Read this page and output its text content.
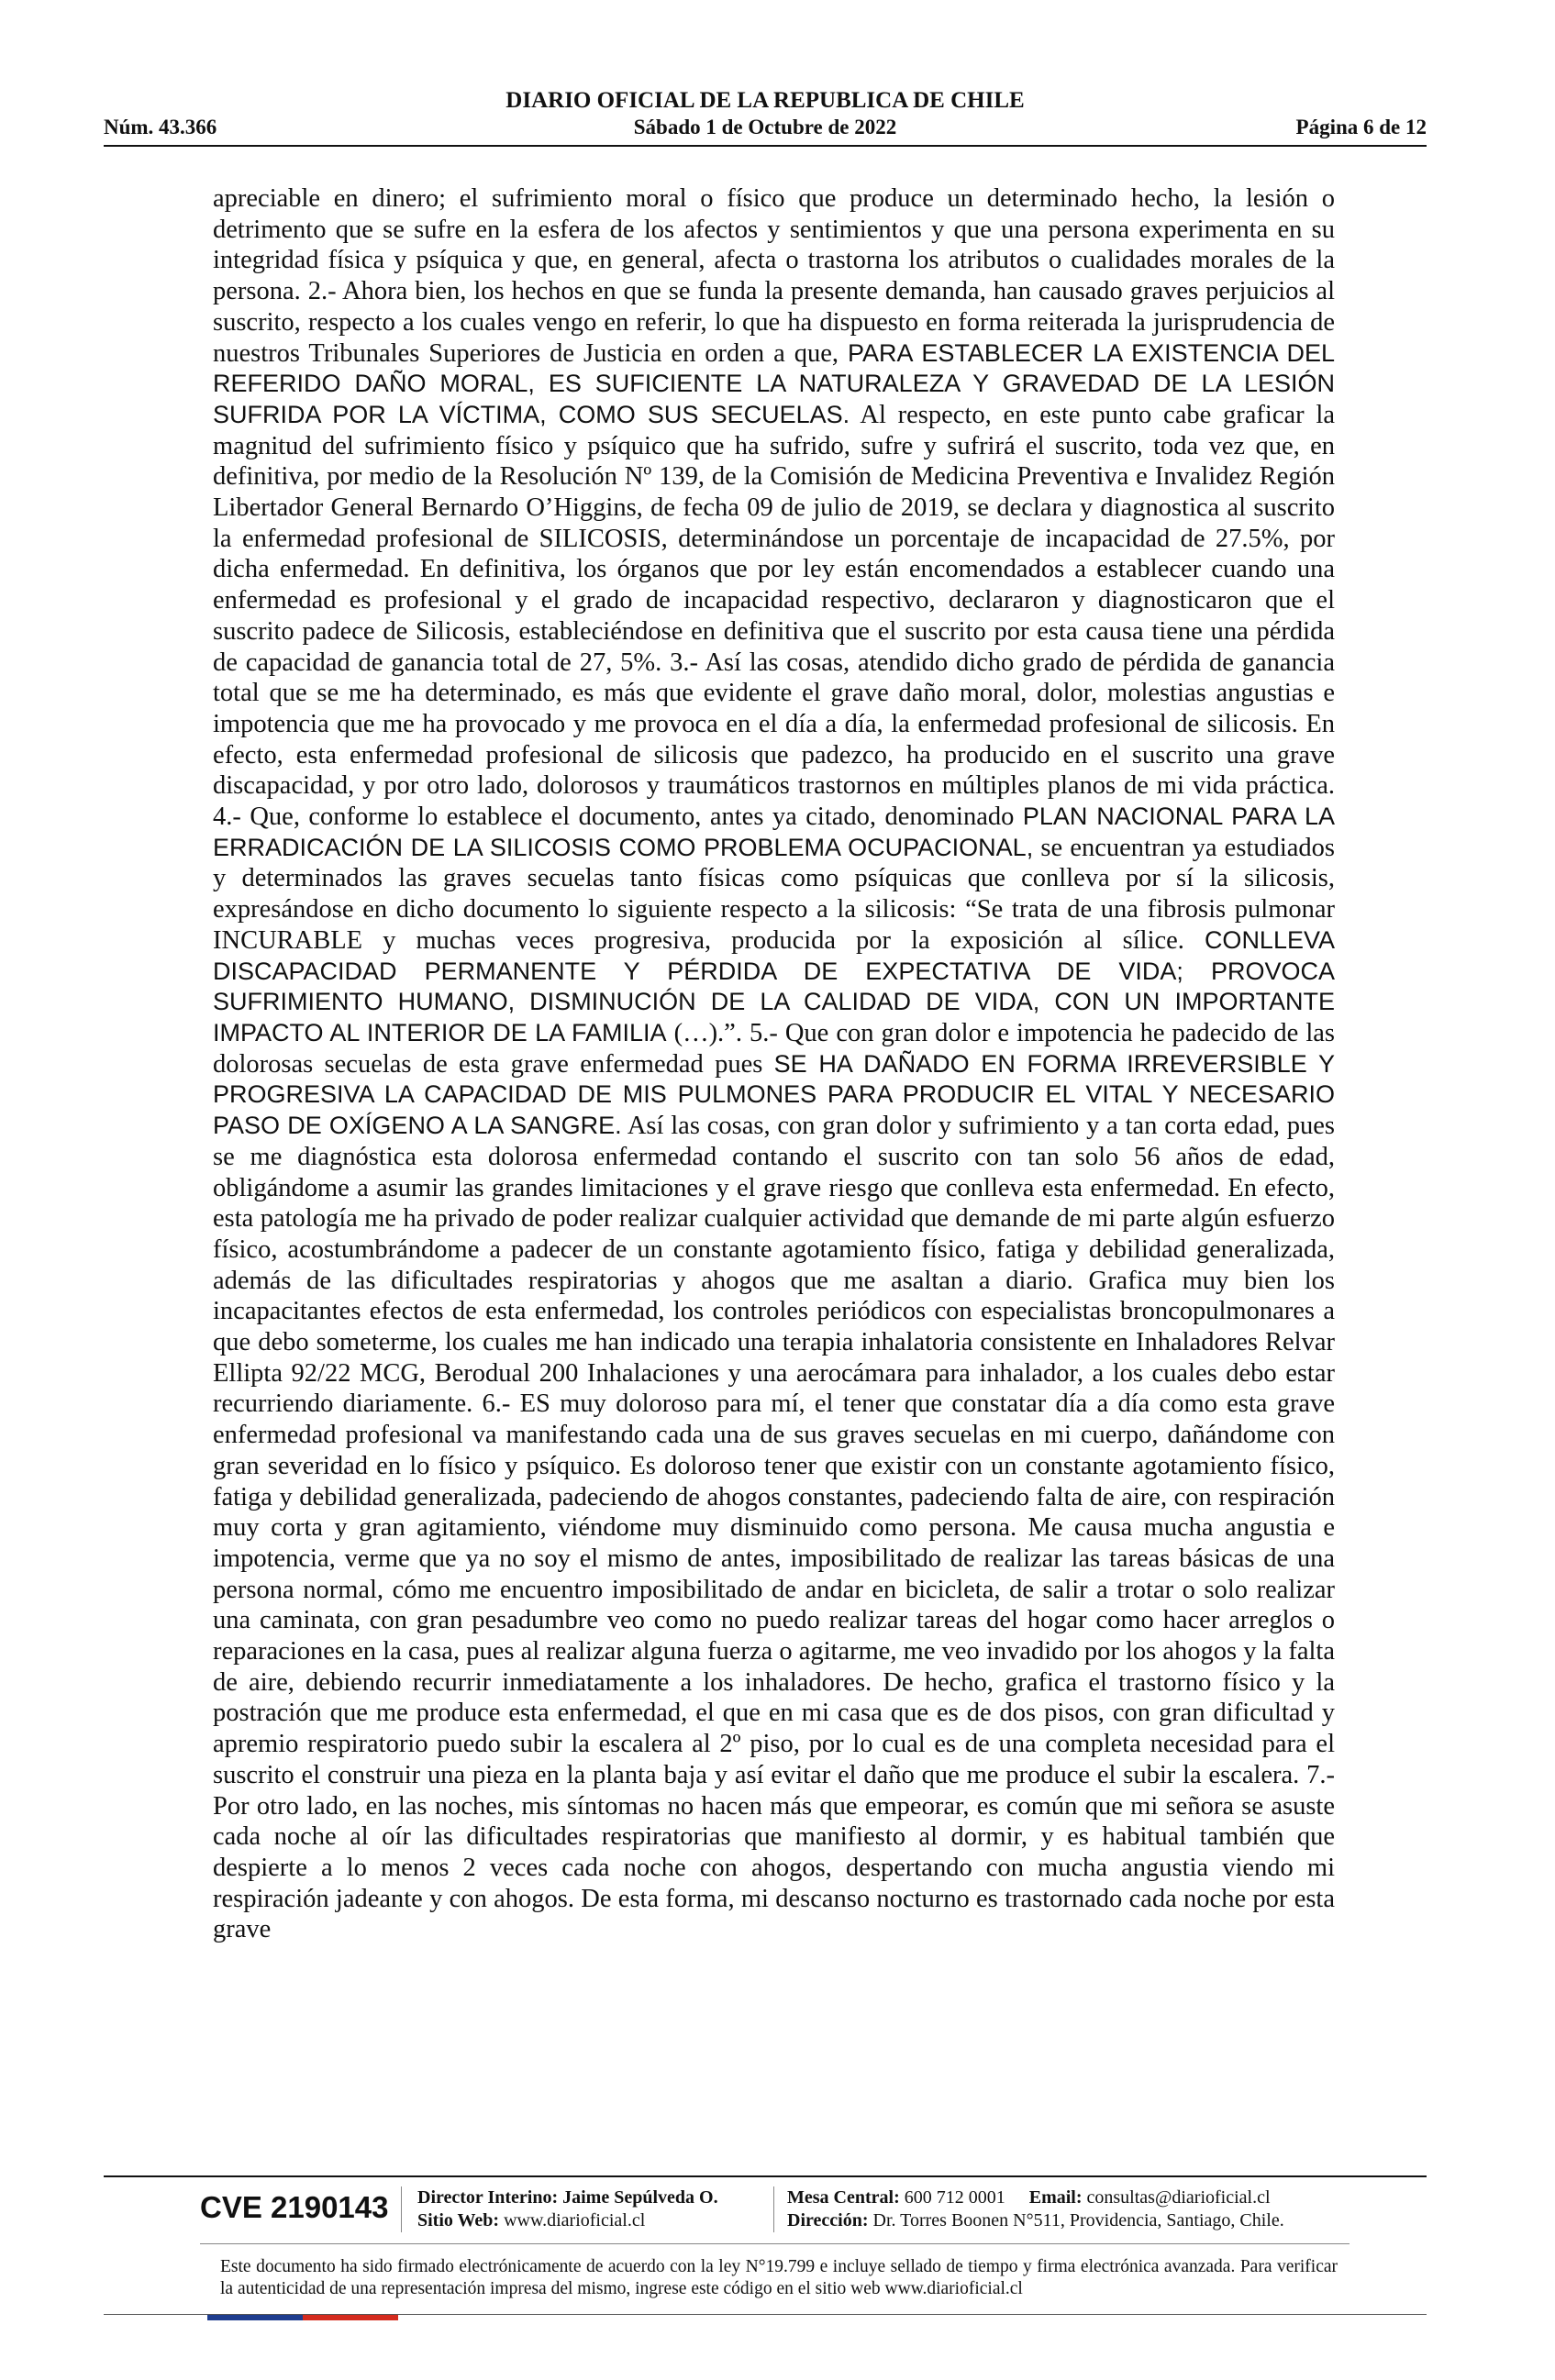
DIARIO OFICIAL DE LA REPUBLICA DE CHILE
Núm. 43.366	Sábado 1 de Octubre de 2022	Página 6 de 12

apreciable en dinero; el sufrimiento moral o físico que produce un determinado hecho, la lesión o detrimento que se sufre en la esfera de los afectos y sentimientos y que una persona experimenta en su integridad física y psíquica y que, en general, afecta o trastorna los atributos o cualidades morales de la persona. 2.- Ahora bien, los hechos en que se funda la presente demanda, han causado graves perjuicios al suscrito, respecto a los cuales vengo en referir, lo que ha dispuesto en forma reiterada la jurisprudencia de nuestros Tribunales Superiores de Justicia en orden a que, PARA ESTABLECER LA EXISTENCIA DEL REFERIDO DAÑO MORAL, ES SUFICIENTE LA NATURALEZA Y GRAVEDAD DE LA LESIÓN SUFRIDA POR LA VÍCTIMA, COMO SUS SECUELAS. Al respecto, en este punto cabe graficar la magnitud del sufrimiento físico y psíquico que ha sufrido, sufre y sufrirá el suscrito, toda vez que, en definitiva, por medio de la Resolución Nº 139, de la Comisión de Medicina Preventiva e Invalidez Región Libertador General Bernardo O’Higgins, de fecha 09 de julio de 2019, se declara y diagnostica al suscrito la enfermedad profesional de SILICOSIS, determinándose un porcentaje de incapacidad de 27.5%, por dicha enfermedad. En definitiva, los órganos que por ley están encomendados a establecer cuando una enfermedad es profesional y el grado de incapacidad respectivo, declararon y diagnosticaron que el suscrito padece de Silicosis, estableciéndose en definitiva que el suscrito por esta causa tiene una pérdida de capacidad de ganancia total de 27, 5%. 3.- Así las cosas, atendido dicho grado de pérdida de ganancia total que se me ha determinado, es más que evidente el grave daño moral, dolor, molestias angustias e impotencia que me ha provocado y me provoca en el día a día, la enfermedad profesional de silicosis. En efecto, esta enfermedad profesional de silicosis que padezco, ha producido en el suscrito una grave discapacidad, y por otro lado, dolorosos y traumáticos trastornos en múltiples planos de mi vida práctica. 4.- Que, conforme lo establece el documento, antes ya citado, denominado PLAN NACIONAL PARA LA ERRADICACIÓN DE LA SILICOSIS COMO PROBLEMA OCUPACIONAL, se encuentran ya estudiados y determinados las graves secuelas tanto físicas como psíquicas que conlleva por sí la silicosis, expresándose en dicho documento lo siguiente respecto a la silicosis: “Se trata de una fibrosis pulmonar INCURABLE y muchas veces progresiva, producida por la exposición al sílice. CONLLEVA DISCAPACIDAD PERMANENTE Y PÉRDIDA DE EXPECTATIVA DE VIDA; PROVOCA SUFRIMIENTO HUMANO, DISMINUCIÓN DE LA CALIDAD DE VIDA, CON UN IMPORTANTE IMPACTO AL INTERIOR DE LA FAMILIA (…).”. 5.- Que con gran dolor e impotencia he padecido de las dolorosas secuelas de esta grave enfermedad pues SE HA DAÑADO EN FORMA IRREVERSIBLE Y PROGRESIVA LA CAPACIDAD DE MIS PULMONES PARA PRODUCIR EL VITAL Y NECESARIO PASO DE OXÍGENO A LA SANGRE. Así las cosas, con gran dolor y sufrimiento y a tan corta edad, pues se me diagnóstica esta dolorosa enfermedad contando el suscrito con tan solo 56 años de edad, obligándome a asumir las grandes limitaciones y el grave riesgo que conlleva esta enfermedad. En efecto, esta patología me ha privado de poder realizar cualquier actividad que demande de mi parte algún esfuerzo físico, acostumbrándome a padecer de un constante agotamiento físico, fatiga y debilidad generalizada, además de las dificultades respiratorias y ahogos que me asaltan a diario. Grafica muy bien los incapacitantes efectos de esta enfermedad, los controles periódicos con especialistas broncopulmonares a que debo someterme, los cuales me han indicado una terapia inhalatoria consistente en Inhaladores Relvar Ellipta 92/22 MCG, Berodual 200 Inhalaciones y una aerocámara para inhalador, a los cuales debo estar recurriendo diariamente. 6.- ES muy doloroso para mí, el tener que constatar día a día como esta grave enfermedad profesional va manifestando cada una de sus graves secuelas en mi cuerpo, dañándome con gran severidad en lo físico y psíquico. Es doloroso tener que existir con un constante agotamiento físico, fatiga y debilidad generalizada, padeciendo de ahogos constantes, padeciendo falta de aire, con respiración muy corta y gran agitamiento, viéndome muy disminuido como persona. Me causa mucha angustia e impotencia, verme que ya no soy el mismo de antes, imposibilitado de realizar las tareas básicas de una persona normal, cómo me encuentro imposibilitado de andar en bicicleta, de salir a trotar o solo realizar una caminata, con gran pesadumbre veo como no puedo realizar tareas del hogar como hacer arreglos o reparaciones en la casa, pues al realizar alguna fuerza o agitarme, me veo invadido por los ahogos y la falta de aire, debiendo recurrir inmediatamente a los inhaladores. De hecho, grafica el trastorno físico y la postración que me produce esta enfermedad, el que en mi casa que es de dos pisos, con gran dificultad y apremio respiratorio puedo subir la escalera al 2º piso, por lo cual es de una completa necesidad para el suscrito el construir una pieza en la planta baja y así evitar el daño que me produce el subir la escalera. 7.- Por otro lado, en las noches, mis síntomas no hacen más que empeorar, es común que mi señora se asuste cada noche al oír las dificultades respiratorias que manifiesto al dormir, y es habitual también que despierte a lo menos 2 veces cada noche con ahogos, despertando con mucha angustia viendo mi respiración jadeante y con ahogos. De esta forma, mi descanso nocturno es trastornado cada noche por esta grave

CVE 2190143 Director Interino: Jaime Sepúlveda O.
Sitio Web: www.diarioficial.cl
Mesa Central: 600 712 0001 Email: consultas@diarioficial.cl
Dirección: Dr. Torres Boonen N°511, Providencia, Santiago, Chile.

Este documento ha sido firmado electrónicamente de acuerdo con la ley N°19.799 e incluye sellado de tiempo y firma electrónica avanzada. Para verificar la autenticidad de una representación impresa del mismo, ingrese este código en el sitio web www.diarioficial.cl
